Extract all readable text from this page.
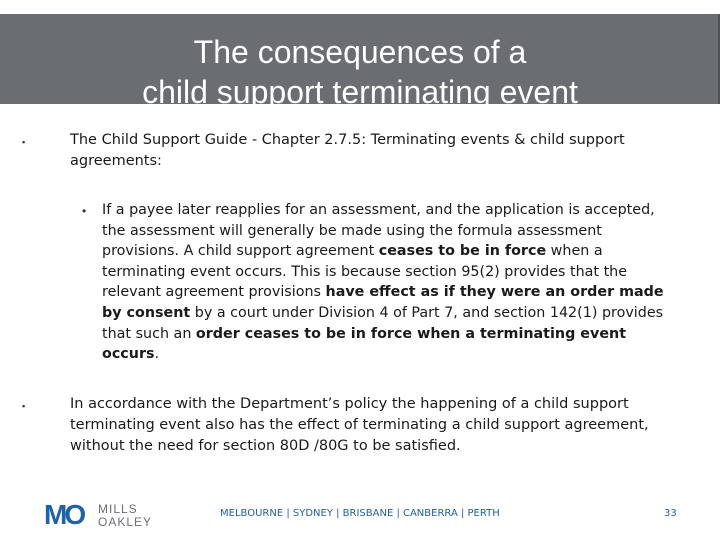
The consequences of a
child support terminating event
▪	The Child Support Guide - Chapter 2.7.5: Terminating events & child support agreements:
• If a payee later reapplies for an assessment, and the application is accepted, the assessment will generally be made using the formula assessment provisions. A child support agreement ceases to be in force when a terminating event occurs. This is because section 95(2) provides that the relevant agreement provisions have effect as if they were an order made by consent by a court under Division 4 of Part 7, and section 142(1) provides that such an order ceases to be in force when a terminating event occurs.
▪	In accordance with the Department’s policy the happening of a child support terminating event also has the effect of terminating a child support agreement, without the need for section 80D /80G to be satisfied.
MO MILLS
OAKLEY
MELBOURNE | SYDNEY | BRISBANE | CANBERRA | PERTH	33
